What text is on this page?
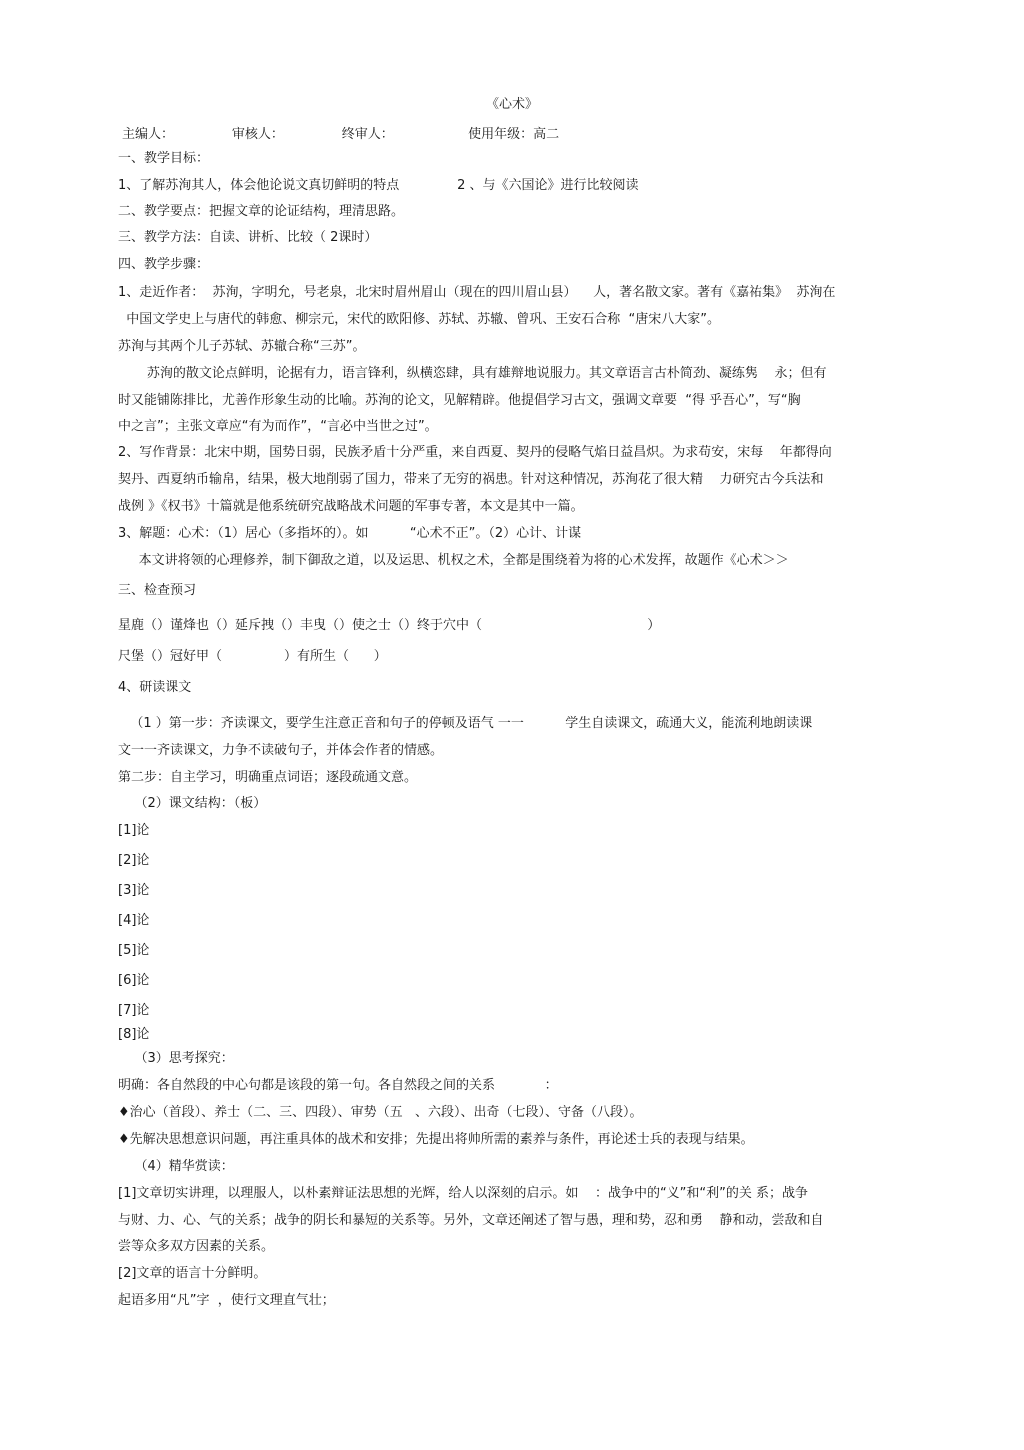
《心术》
主编人：              审核人：              终审人：                  使用年级：高二
一、教学目标：
1、了解苏洵其人，体会他论说文真切鲜明的特点              2 、与《六国论》进行比较阅读
二、教学要点：把握文章的论证结构，理清思路。
三、教学方法：自读、讲析、比较（ 2课时）
四、教学步骤：
1、走近作者：  苏洵，字明允，号老泉，北宋时眉州眉山（现在的四川眉山县）    人，著名散文家。著有《嘉祐集》  苏洵在
中国文学史上与唐代的韩愈、柳宗元，宋代的欧阳修、苏轼、苏辙、曾巩、王安石合称  “唐宋八大家”。
苏洵与其两个儿子苏轼、苏辙合称“三苏”。
苏洵的散文论点鲜明，论据有力，语言锋利，纵横恣肆，具有雄辩地说服力。其文章语言古朴简劲、凝练隽    永；但有
时又能铺陈排比，尤善作形象生动的比喻。苏洵的论文，见解精辟。他提倡学习古文，强调文章要  “得 乎吾心”，写“胸
中之言”；主张文章应“有为而作”，“言必中当世之过”。
2、写作背景：北宋中期，国势日弱，民族矛盾十分严重，来自西夏、契丹的侵略气焰日益昌炽。为求苟安，宋每    年都得向
契丹、西夏纳币输帛，结果，极大地削弱了国力，带来了无穷的祸患。针对这种情况，苏洵花了很大精    力研究古今兵法和
战例 》《权书》十篇就是他系统研究战略战术问题的军事专著，本文是其中一篇。
3、解题：心术：（1）居心（多指坏的）。如          “心术不正”。（2）心计、计谋
本文讲将领的心理修养，制下御敌之道，以及运思、机权之术，全都是围绕着为将的心术发挥，故题作《心术＞＞
三、检查预习
星鹿（）谨烽也（）延斥拽（）丰曳（）使之士（）终于穴中（                                        ）
尺堡（）冠好甲（               ）有所生（      ）
4、研读课文
（1 ）第一步：齐读课文，要学生注意正音和句子的停顿及语气 一一          学生自读课文，疏通大义，能流利地朗读课
文一一齐读课文，力争不读破句子，并体会作者的情感。
第二步：自主学习，明确重点词语；逐段疏通文意。
（2）课文结构：（板）
[1]论
[2]论
[3]论
[4]论
[5]论
[6]论
[7]论
[8]论
（3）思考探究：
明确：各自然段的中心句都是该段的第一句。各自然段之间的关系            ：
♦治心（首段）、养士（二、三、四段）、审势（五   、六段）、出奇（七段）、守备（八段）。
♦先解决思想意识问题，再注重具体的战术和安排；先提出将帅所需的素养与条件，再论述士兵的表现与结果。
（4）精华赏读：
[1]文章切实讲理，以理服人，以朴素辩证法思想的光辉，给人以深刻的启示。如    ：战争中的“义”和“利”的关 系；战争
与财、力、心、气的关系；战争的阴长和暴短的关系等。另外，文章还阐述了智与愚，理和势，忍和勇    静和动，尝敌和自
尝等众多双方因素的关系。
[2]文章的语言十分鲜明。
起语多用“凡”字  ，使行文理直气壮；
